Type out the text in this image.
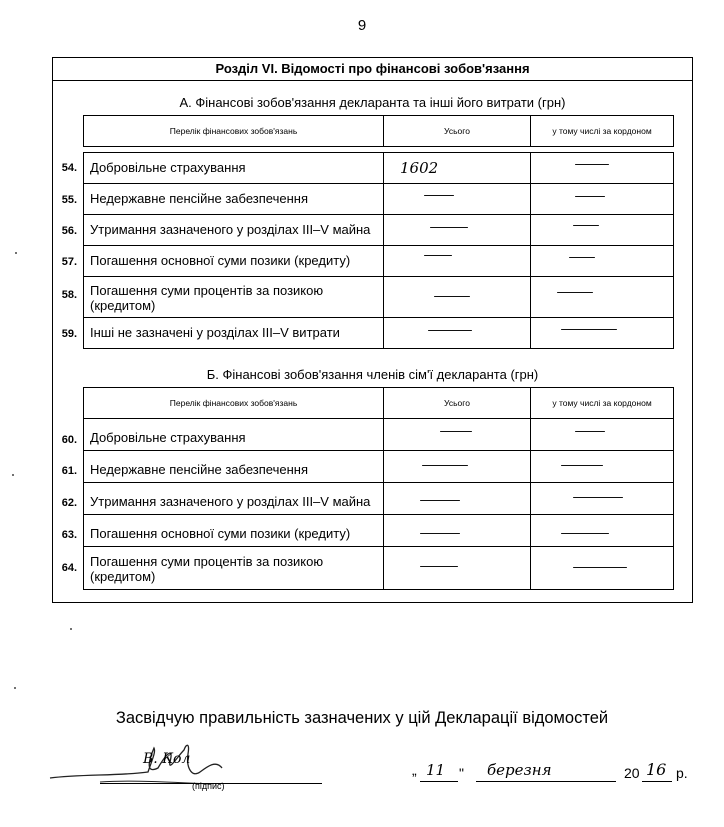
9
Розділ VI. Відомості про фінансові зобов'язання
А. Фінансові зобов'язання декларанта та інші його витрати (грн)
Перелік фінансових зобов'язань	Усього	у тому числі за кордоном
54. Добровільне страхування	1602
55. Недержавне пенсійне забезпечення
56. Утримання зазначеного у розділах III–V майна
57. Погашення основної суми позики (кредиту)
58. Погашення суми процентів за позикою
(кредитом)
59. Інші не зазначені у розділах III–V витрати
Б. Фінансові зобов'язання членів сім'ї декларанта (грн)
Перелік фінансових зобов'язань	Усього	у тому числі за кордоном
60. Добровільне страхування
61. Недержавне пенсійне забезпечення
62. Утримання зазначеного у розділах III–V майна
63. Погашення основної суми позики (кредиту)
64. Погашення суми процентів за позикою
(кредитом)
Засвідчую правильність зазначених у цій Декларації відомостей
В. Кол
(підпис)
„ 11 " березня	20 16 р.
